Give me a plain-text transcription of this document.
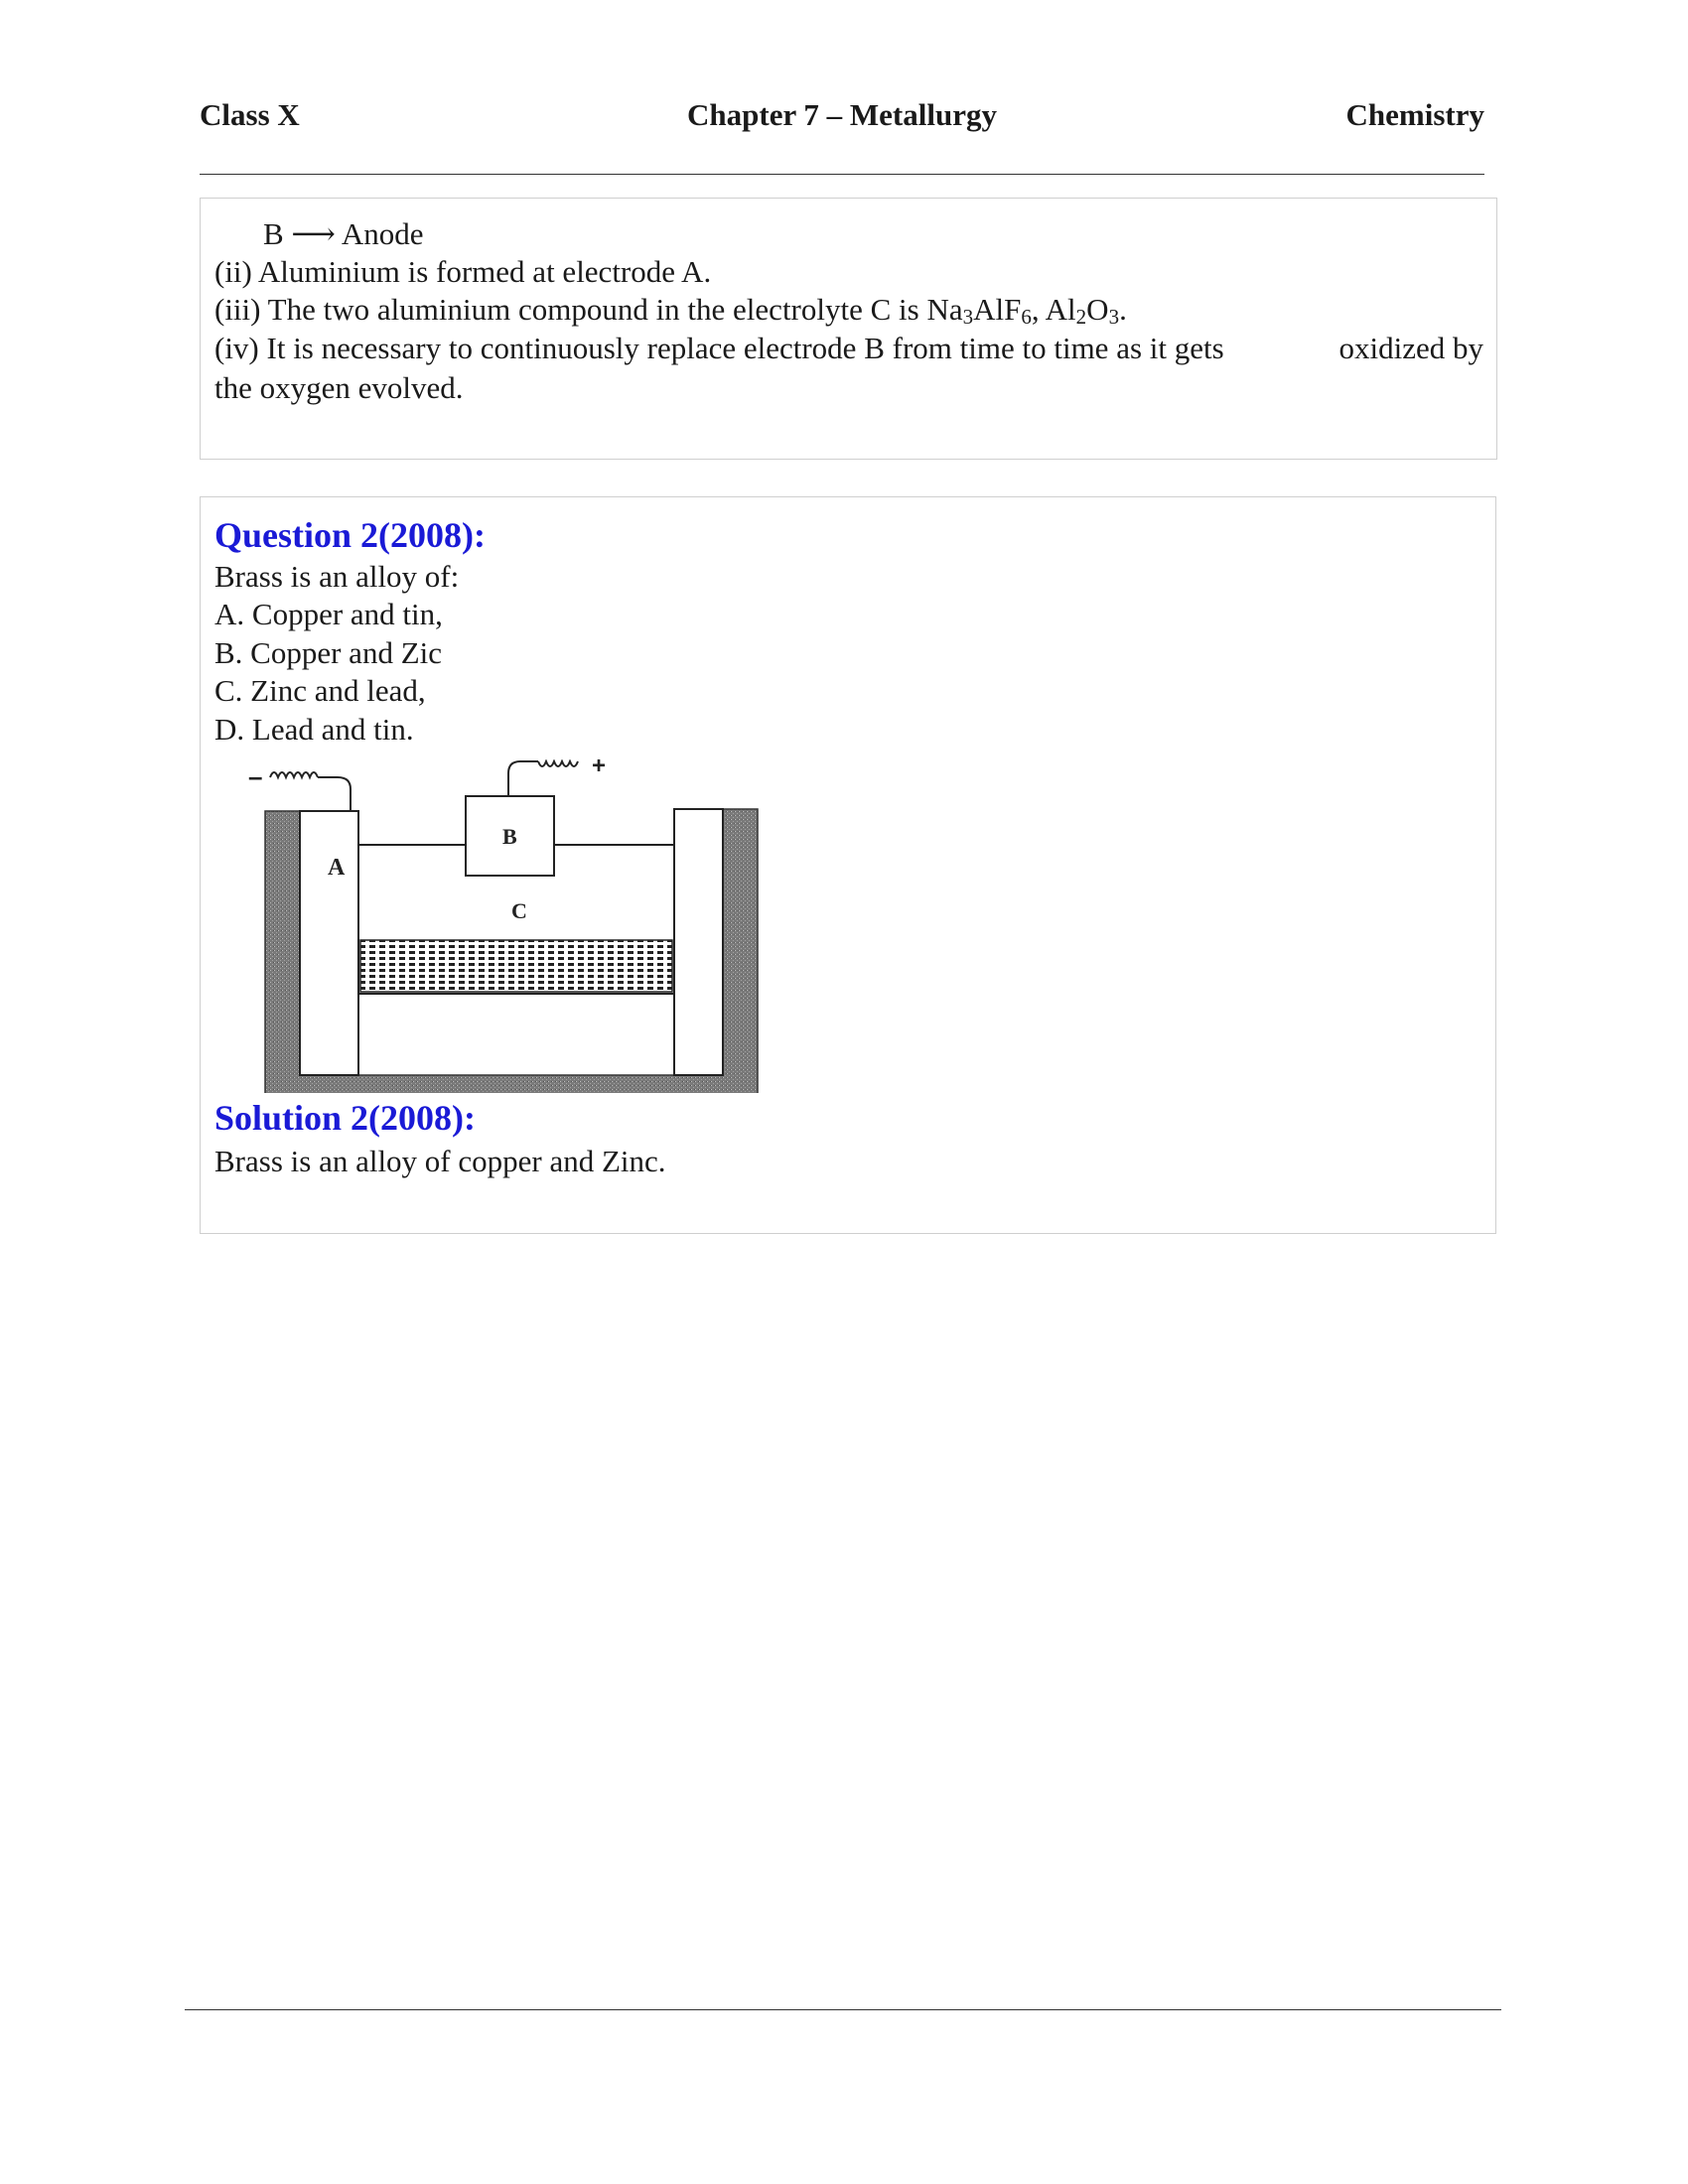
Class X	Chapter 7 – Metallurgy	Chemistry
B ⟶ Anode
(ii) Aluminium is formed at electrode A.
(iii) The two aluminium compound in the electrolyte C is $Na_3AlF_6$, $Al_2O_3$.
(iv) It is necessary to continuously replace electrode B from time to time as it gets	oxidized by
the oxygen evolved.
Question 2(2008):
Brass is an alloy of:
A. Copper and tin,
B. Copper and Zic
C. Zinc and lead,
D. Lead and tin.
–	+
A
B
C
Solution 2(2008):
Brass is an alloy of copper and Zinc.
